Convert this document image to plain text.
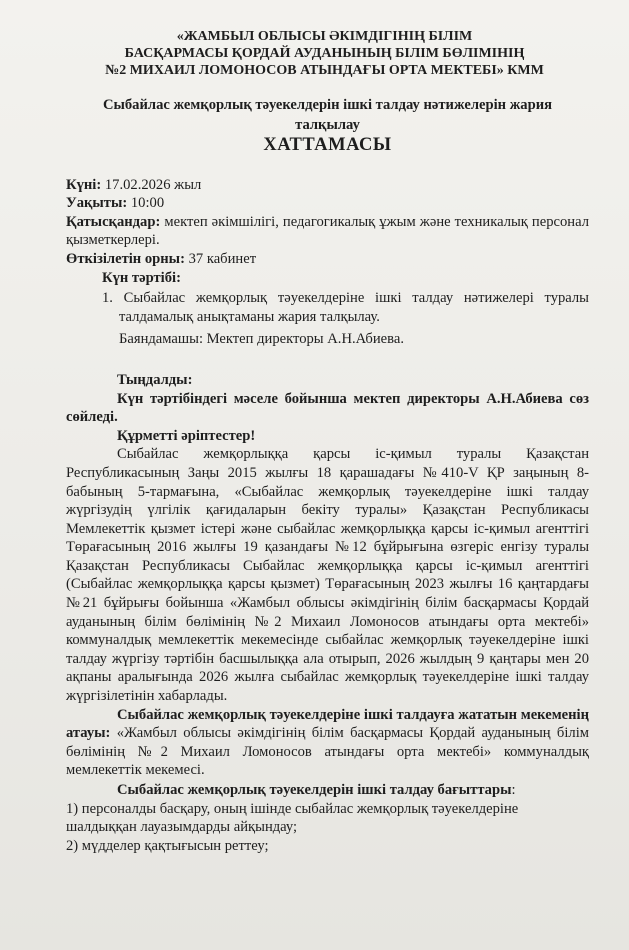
«ЖАМБЫЛ ОБЛЫСЫ ӘКІМДІГІНІҢ БІЛІМ
БАСҚАРМАСЫ ҚОРДАЙ АУДАНЫНЫҢ БІЛІМ БӨЛІМІНІҢ
№2 МИХАИЛ ЛОМОНОСОВ АТЫНДАҒЫ ОРТА МЕКТЕБІ» КММ
Сыбайлас жемқорлық тәуекелдерін ішкі талдау нәтижелерін жария
талқылау
ХАТТАМАСЫ

Күні: 17.02.2026 жыл

Уақыты: 10:00

Қатысқандар: мектеп әкімшілігі, педагогикалық ұжым және техникалық персонал қызметкерлері.

Өткізілетін орны: 37 кабинет

Күн тәртібі:

1. Сыбайлас жемқорлық тәуекелдеріне ішкі талдау нәтижелері туралы талдамалық анықтаманы жария талқылау.

Баяндамашы: Мектеп директоры А.Н.Абиева.
Тыңдалды:

Күн тәртібіндегі мәселе бойынша мектеп директоры А.Н.Абиева сөз сөйледі.

Құрметті әріптестер!

Сыбайлас жемқорлыққа қарсы іс-қимыл туралы Қазақстан Республикасының Заңы 2015 жылғы 18 қарашадағы №410-V ҚР заңының 8-бабының 5-тармағына, «Сыбайлас жемқорлық тәуекелдеріне ішкі талдау жүргізудің үлгілік қағидаларын бекіту туралы» Қазақстан Республикасы Мемлекеттік қызмет істері және сыбайлас жемқорлыққа қарсы іс-қимыл агенттігі Төрағасының 2016 жылғы 19 қазандағы №12 бұйрығына өзгеріс енгізу туралы Қазақстан Республикасы Сыбайлас жемқорлыққа қарсы іс-қимыл агенттігі (Сыбайлас жемқорлыққа қарсы қызмет) Төрағасының 2023 жылғы 16 қаңтардағы №21 бұйрығы бойынша «Жамбыл облысы әкімдігінің білім басқармасы Қордай ауданының білім бөлімінің №2 Михаил Ломоносов атындағы орта мектебі» коммуналдық мемлекеттік мекемесінде сыбайлас жемқорлық тәуекелдеріне ішкі талдау жүргізу тәртібін басшылыққа ала отырып, 2026 жылдың 9 қаңтары мен 20 ақпаны аралығында 2026 жылға сыбайлас жемқорлық тәуекелдеріне ішкі талдау жүргізілетінін хабарлады.

Сыбайлас жемқорлық тәуекелдеріне ішкі талдауға жататын мекеменің атауы: «Жамбыл облысы әкімдігінің білім басқармасы Қордай ауданының білім бөлімінің №2 Михаил Ломоносов атындағы орта мектебі» коммуналдық мемлекеттік мекемесі.

Сыбайлас жемқорлық тәуекелдерін ішкі талдау бағыттары:

1) персоналды басқару, оның ішінде сыбайлас жемқорлық тәуекелдеріне шалдыққан лауазымдарды айқындау;

2) мүдделер қақтығысын реттеу;
